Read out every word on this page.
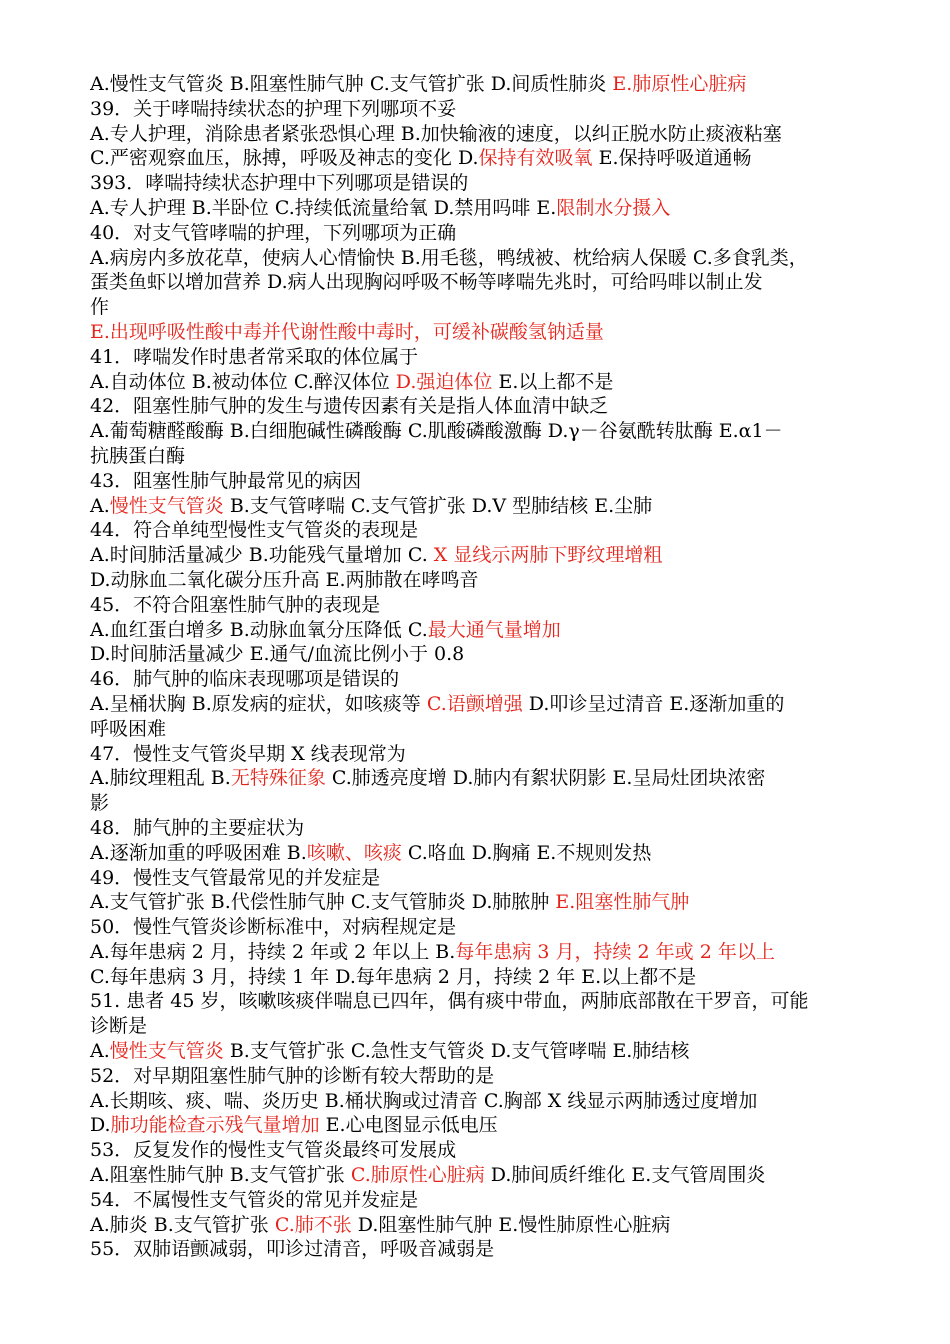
A.慢性支气管炎 B.阻塞性肺气肿 C.支气管扩张 D.间质性肺炎 E.肺原性心脏病
39．关于哮喘持续状态的护理下列哪项不妥
A.专人护理，消除患者紧张恐惧心理 B.加快输液的速度，以纠正脱水防止痰液粘塞
C.严密观察血压，脉搏，呼吸及神志的变化 D.保持有效吸氧 E.保持呼吸道通畅
393．哮喘持续状态护理中下列哪项是错误的
A.专人护理 B.半卧位 C.持续低流量给氧 D.禁用吗啡 E.限制水分摄入
40．对支气管哮喘的护理，下列哪项为正确
A.病房内多放花草，使病人心情愉快 B.用毛毯，鸭绒被、枕给病人保暖 C.多食乳类，
蛋类鱼虾以增加营养 D.病人出现胸闷呼吸不畅等哮喘先兆时，可给吗啡以制止发
作
E.出现呼吸性酸中毒并代谢性酸中毒时，可缓补碳酸氢钠适量
41．哮喘发作时患者常采取的体位属于
A.自动体位 B.被动体位 C.醉汉体位 D.强迫体位 E.以上都不是
42．阻塞性肺气肿的发生与遗传因素有关是指人体血清中缺乏
A.葡萄糖醛酸酶 B.白细胞碱性磷酸酶 C.肌酸磷酸激酶 D.γ－谷氨酰转肽酶 E.α1－
抗胰蛋白酶
43．阻塞性肺气肿最常见的病因
A.慢性支气管炎 B.支气管哮喘 C.支气管扩张 D.Ⅴ 型肺结核 E.尘肺
44．符合单纯型慢性支气管炎的表现是
A.时间肺活量减少 B.功能残气量增加 C. X 显线示两肺下野纹理增粗
D.动脉血二氧化碳分压升高 E.两肺散在哮鸣音
45．不符合阻塞性肺气肿的表现是
A.血红蛋白增多 B.动脉血氧分压降低 C.最大通气量增加
D.时间肺活量减少 E.通气/血流比例小于 0.8
46．肺气肿的临床表现哪项是错误的
A.呈桶状胸 B.原发病的症状，如咳痰等 C.语颤增强 D.叩诊呈过清音 E.逐渐加重的
呼吸困难
47．慢性支气管炎早期 X 线表现常为
A.肺纹理粗乱 B.无特殊征象 C.肺透亮度增 D.肺内有絮状阴影 E.呈局灶团块浓密
影
48．肺气肿的主要症状为
A.逐渐加重的呼吸困难 B.咳嗽、咳痰 C.咯血 D.胸痛 E.不规则发热
49．慢性支气管最常见的并发症是
A.支气管扩张 B.代偿性肺气肿 C.支气管肺炎 D.肺脓肿 E.阻塞性肺气肿
50．慢性气管炎诊断标准中，对病程规定是
A.每年患病 2 月，持续 2 年或 2 年以上 B.每年患病 3 月，持续 2 年或 2 年以上
C.每年患病 3 月，持续 1 年 D.每年患病 2 月，持续 2 年 E.以上都不是
51. 患者 45 岁，咳嗽咳痰伴喘息已四年，偶有痰中带血，两肺底部散在干罗音，可能
诊断是
A.慢性支气管炎 B.支气管扩张 C.急性支气管炎 D.支气管哮喘 E.肺结核
52．对早期阻塞性肺气肿的诊断有较大帮助的是
A.长期咳、痰、喘、炎历史 B.桶状胸或过清音 C.胸部 X 线显示两肺透过度增加
D.肺功能检查示残气量增加 E.心电图显示低电压
53．反复发作的慢性支气管炎最终可发展成
A.阻塞性肺气肿 B.支气管扩张 C.肺原性心脏病 D.肺间质纤维化 E.支气管周围炎
54．不属慢性支气管炎的常见并发症是
A.肺炎 B.支气管扩张 C.肺不张 D.阻塞性肺气肿 E.慢性肺原性心脏病
55．双肺语颤减弱，叩诊过清音，呼吸音减弱是
